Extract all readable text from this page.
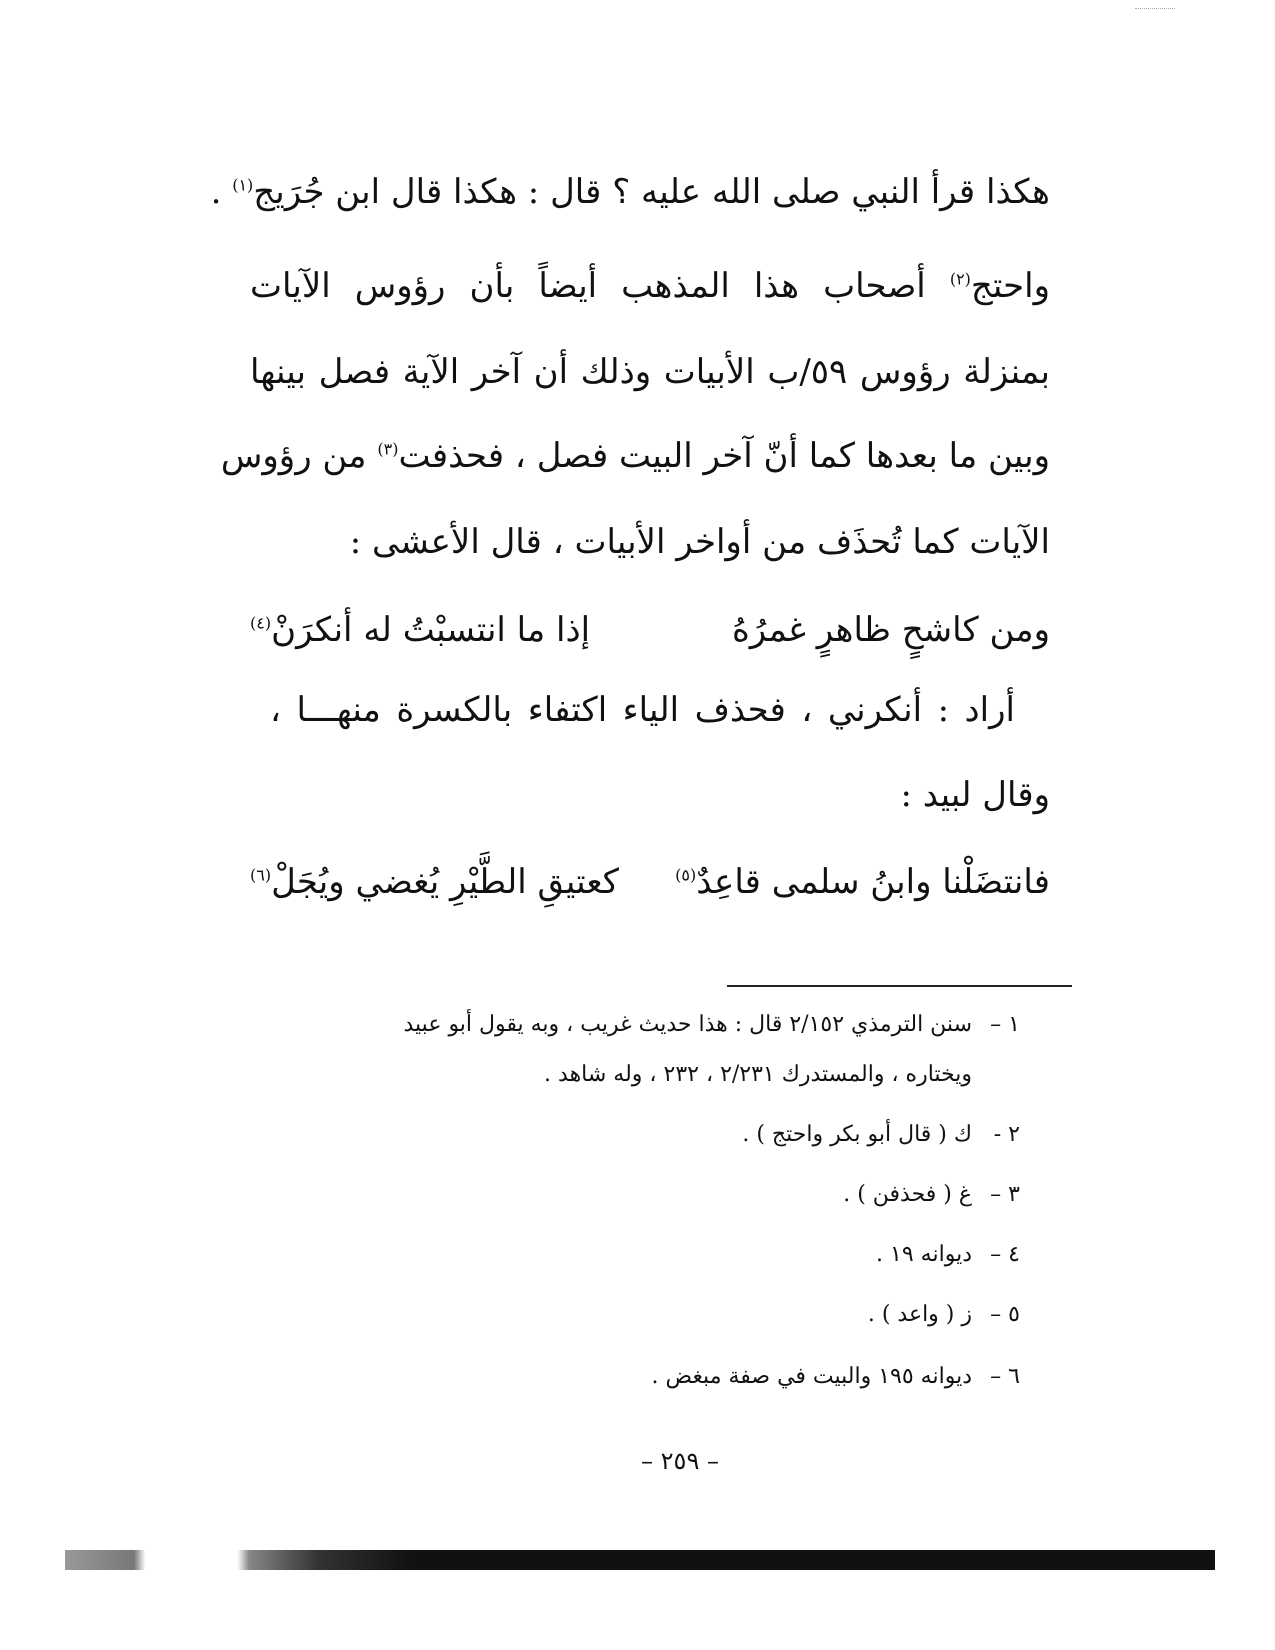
هكذا قرأ النبي صلى الله عليه ؟ قال : هكذا قال ابن جُرَيج$^{(١)}$ .
واحتج$^{(٢)}$ أصحاب هذا المذهب أيضاً بأن رؤوس الآيات
بمنزلة رؤوس ٥٩/ب الأبيات وذلك أن آخر الآية فصل بينها
وبين ما بعدها كما أنّ آخر البيت فصل ، فحذفت$^{(٣)}$ من رؤوس
الآيات كما تُحذَف من أواخر الأبيات ، قال الأعشى :
ومن كاشحٍ ظاهرٍ غمرُهُ
إذا ما انتسبْتُ له أنكرَنْ$^{(٤)}$
أراد : أنكرني ، فحذف الياء اكتفاء بالكسرة منهـــا ،
وقال لبيد :
فانتضَلْنا وابنُ سلمى قاعِدٌ$^{(٥)}$
كعتيقِ الطَّيْرِ يُغضي ويُجَلْ$^{(٦)}$
١ –سنن الترمذي ٢/١٥٢ قال : هذا حديث غريب ، وبه يقول أبو عبيد
ويختاره ، والمستدرك ٢/٢٣١ ، ٢٣٢ ، وله شاهد .
٢ -ك ( قال أبو بكر واحتج ) .
٣ –غ ( فحذفن ) .
٤ –ديوانه ١٩ .
٥ –ز ( واعد ) .
٦ –ديوانه ١٩٥ والبيت في صفة مبغض .
– ٢٥٩ –
